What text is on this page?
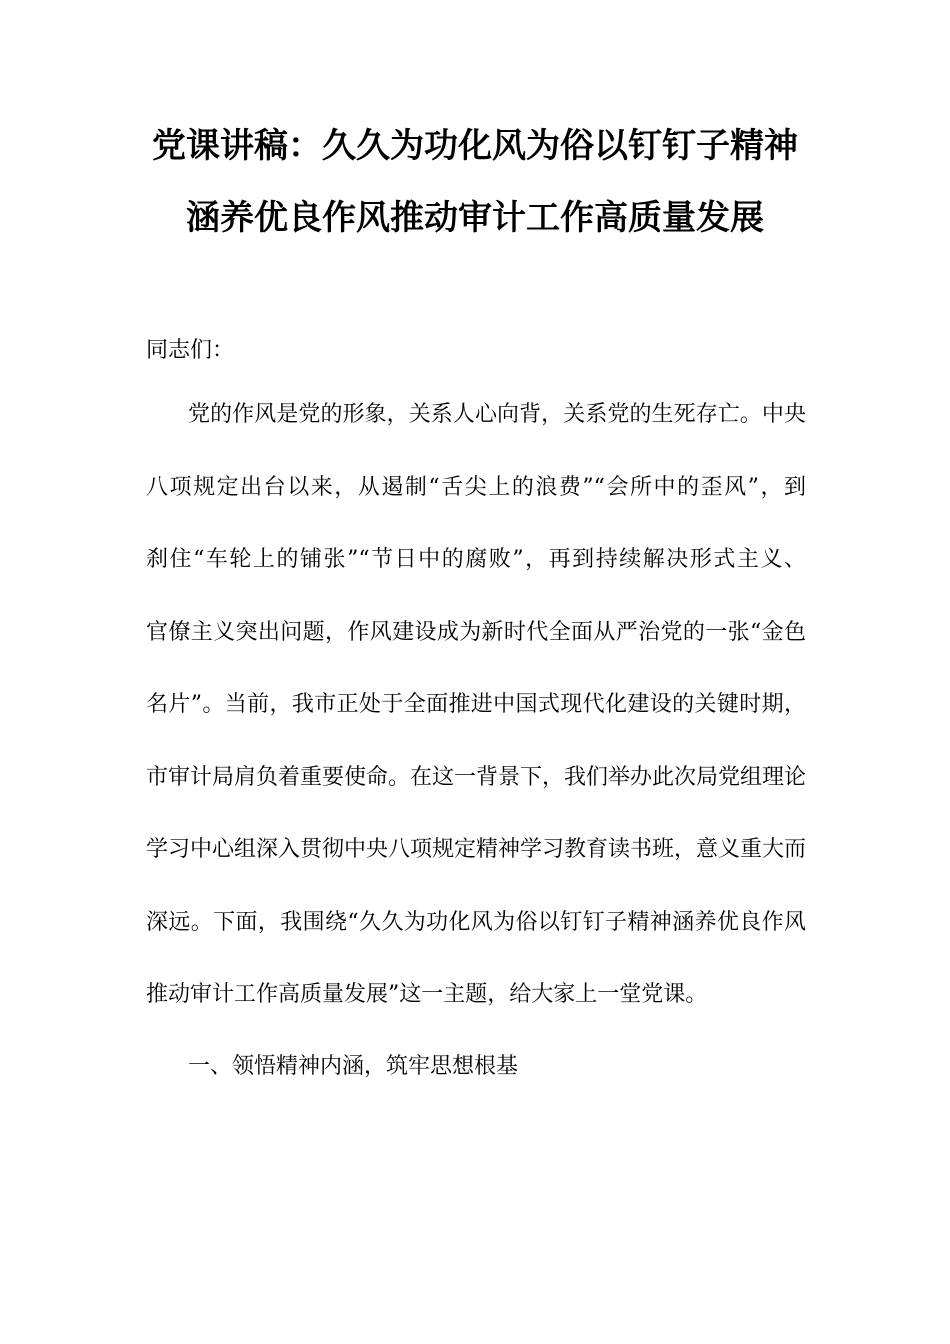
党课讲稿：久久为功化风为俗以钉钉子精神
涵养优良作风推动审计工作高质量发展
同志们：
党的作风是党的形象，关系人心向背，关系党的生死存亡。中央
八项规定出台以来，从遏制“舌尖上的浪费”“会所中的歪风”，到
刹住“车轮上的铺张”“节日中的腐败”，再到持续解决形式主义、
官僚主义突出问题，作风建设成为新时代全面从严治党的一张“金色
名片”。当前，我市正处于全面推进中国式现代化建设的关键时期，
市审计局肩负着重要使命。在这一背景下，我们举办此次局党组理论
学习中心组深入贯彻中央八项规定精神学习教育读书班，意义重大而
深远。下面，我围绕“久久为功化风为俗以钉钉子精神涵养优良作风
推动审计工作高质量发展”这一主题，给大家上一堂党课。
一、领悟精神内涵，筑牢思想根基
